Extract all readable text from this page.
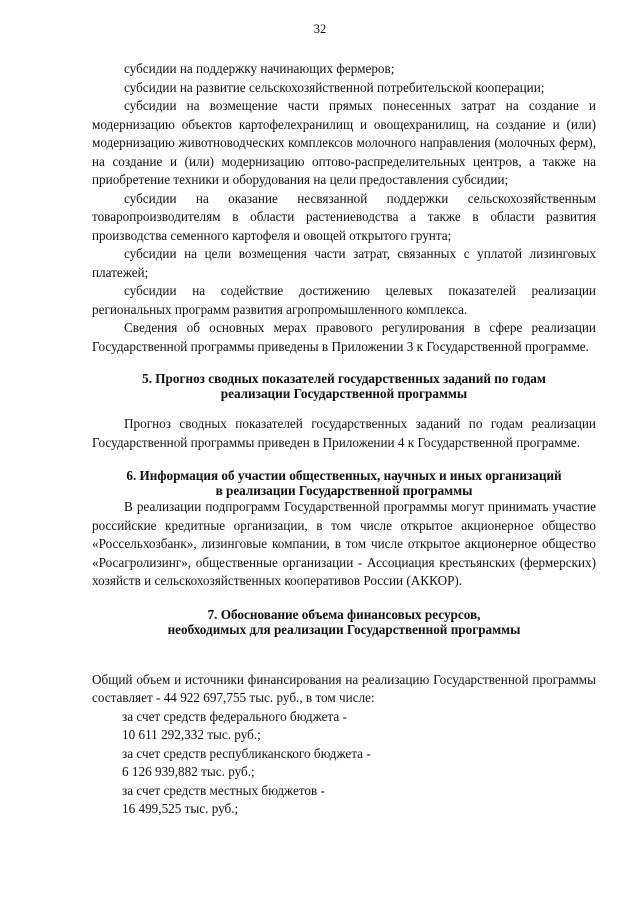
32

субсидии на поддержку начинающих фермеров;

субсидии на развитие сельскохозяйственной потребительской кооперации;

субсидии на возмещение части прямых понесенных затрат на создание и модернизацию объектов картофелехранилищ и овощехранилищ, на создание и (или) модернизацию животноводческих комплексов молочного направления (молочных ферм), на создание и (или) модернизацию оптово-распределительных центров, а также на приобретение техники и оборудования на цели предоставления субсидии;

субсидии на оказание несвязанной поддержки сельскохозяйственным товаропроизводителям в области растениеводства а также в области развития производства семенного картофеля и овощей открытого грунта;

субсидии на цели возмещения части затрат, связанных с уплатой лизинговых платежей;

субсидии на содействие достижению целевых показателей реализации региональных программ развития агропромышленного комплекса.

Сведения об основных мерах правового регулирования в сфере реализации Государственной программы приведены в Приложении 3 к Государственной программе.

5. Прогноз сводных показателей государственных заданий по годам

реализации Государственной программы

Прогноз сводных показателей государственных заданий по годам реализации Государственной программы приведен в Приложении 4 к Государственной программе.

6. Информация об участии общественных, научных и иных организаций

в реализации Государственной программы

В реализации подпрограмм Государственной программы могут принимать участие российские кредитные организации, в том числе открытое акционерное общество «Россельхозбанк», лизинговые компании, в том числе открытое акционерное общество «Росагролизинг», общественные организации - Ассоциация крестьянских (фермерских) хозяйств и сельскохозяйственных кооперативов России (АККОР).

7. Обоснование объема финансовых ресурсов,

необходимых для реализации Государственной программы

Общий объем и источники финансирования на реализацию Государственной программы составляет - 44 922 697,755 тыс. руб., в том числе:

за счет средств федерального бюджета -

10 611 292,332 тыс. руб.;

за счет средств республиканского бюджета -

6 126 939,882 тыс. руб.;

за счет средств местных бюджетов -

16 499,525 тыс. руб.;
